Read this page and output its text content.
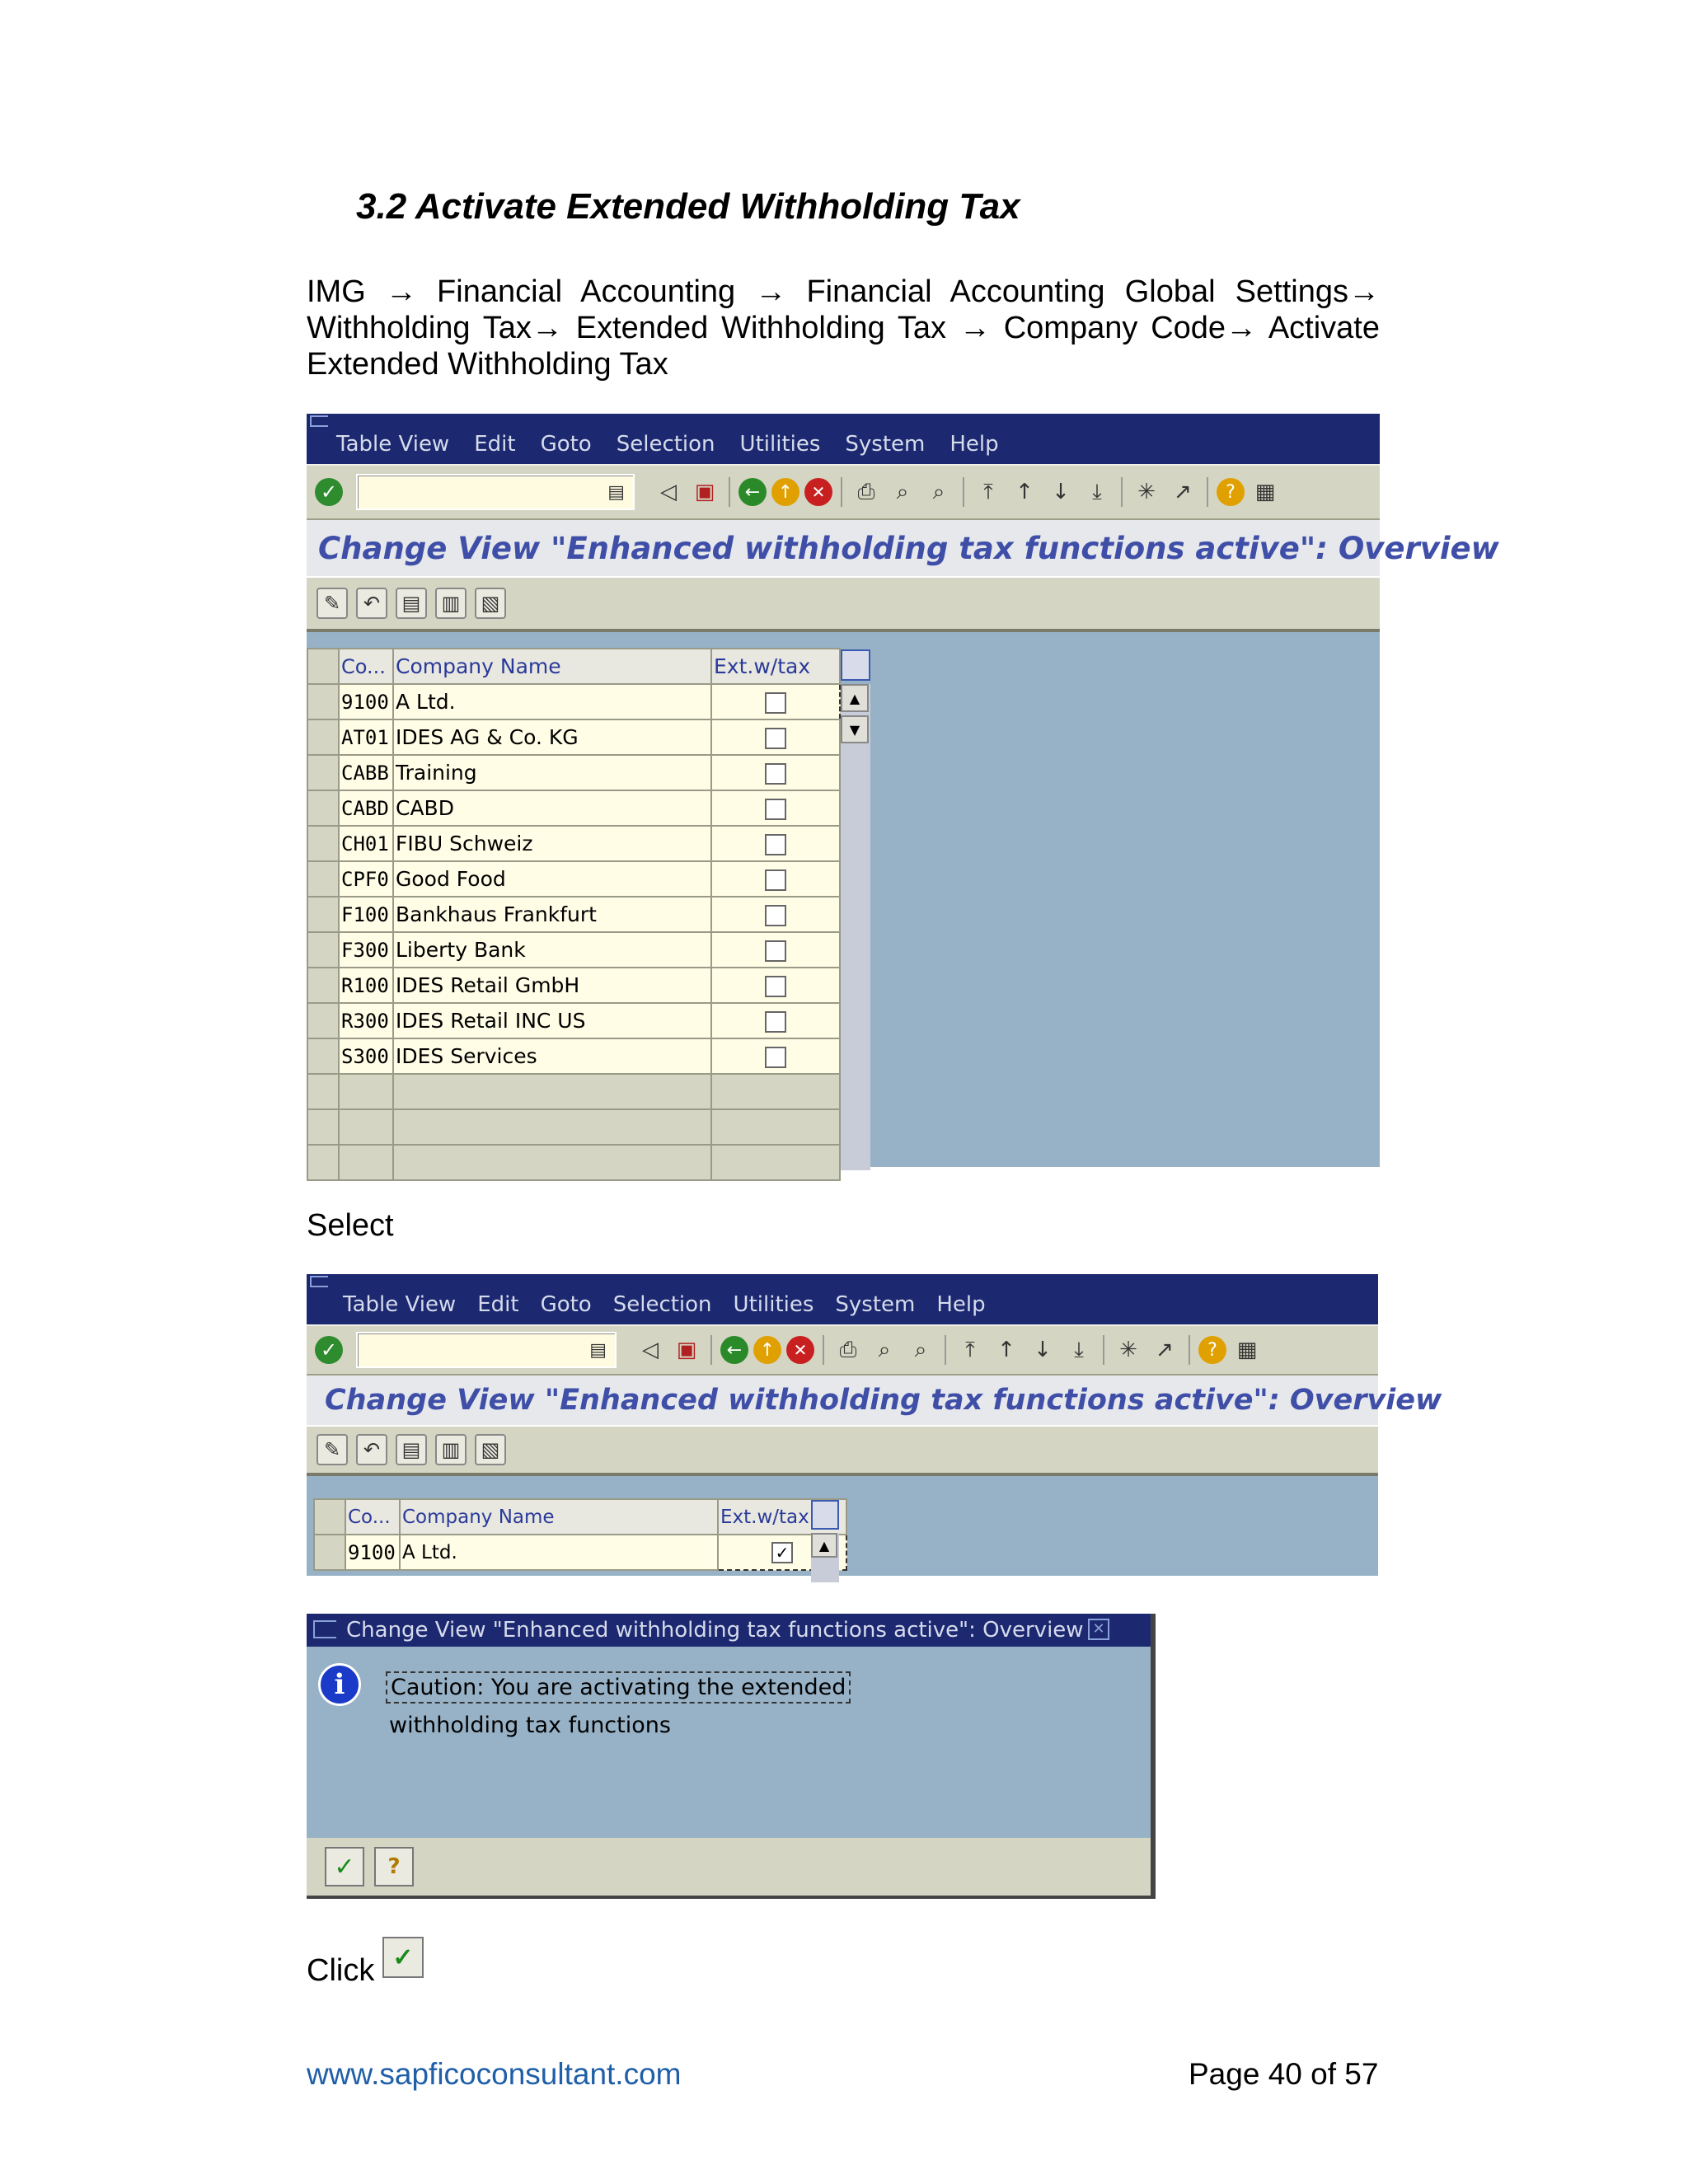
3.2 Activate Extended Withholding Tax
IMG → Financial Accounting → Financial Accounting Global Settings→ Withholding Tax→ Extended Withholding Tax → Company Code→ Activate Extended Withholding Tax
Table View Edit Goto Selection Utilities System Help
✓	▤	◁ ▣	← ↑	✕	⎙	⌕	⌕	⤒	↑ ↓	⤓	✳ ↗	? ▦
Change View "Enhanced withholding tax functions active": Overview
✎	↶	▤	▥	▧
	Co...	Company Name	Ext.w/tax
	9100	A Ltd.	
	AT01	IDES AG & Co. KG	
	CABB	Training	
	CABD	CABD	
	CH01	FIBU Schweiz	
	CPF0	Good Food	
	F100	Bankhaus Frankfurt	
	F300	Liberty Bank	
	R100	IDES Retail GmbH	
	R300	IDES Retail INC US	
	S300	IDES Services	

▲
▼
Select
Table View Edit Goto Selection Utilities System Help
✓	▤	◁ ▣	← ↑	✕	⎙	⌕	⌕	⤒	↑ ↓	⤓	✳ ↗	? ▦
Change View "Enhanced withholding tax functions active": Overview
✎	↶	▤	▥	▧
	Co...	Company Name	Ext.w/tax
	9100	A Ltd.	✓	▲
Change View "Enhanced withholding tax functions active": Overview ✕
i	Caution: You are activating the extended
withholding tax functions
✓	?
Click ✓
www.sapficoconsultant.com	Page 40 of 57
